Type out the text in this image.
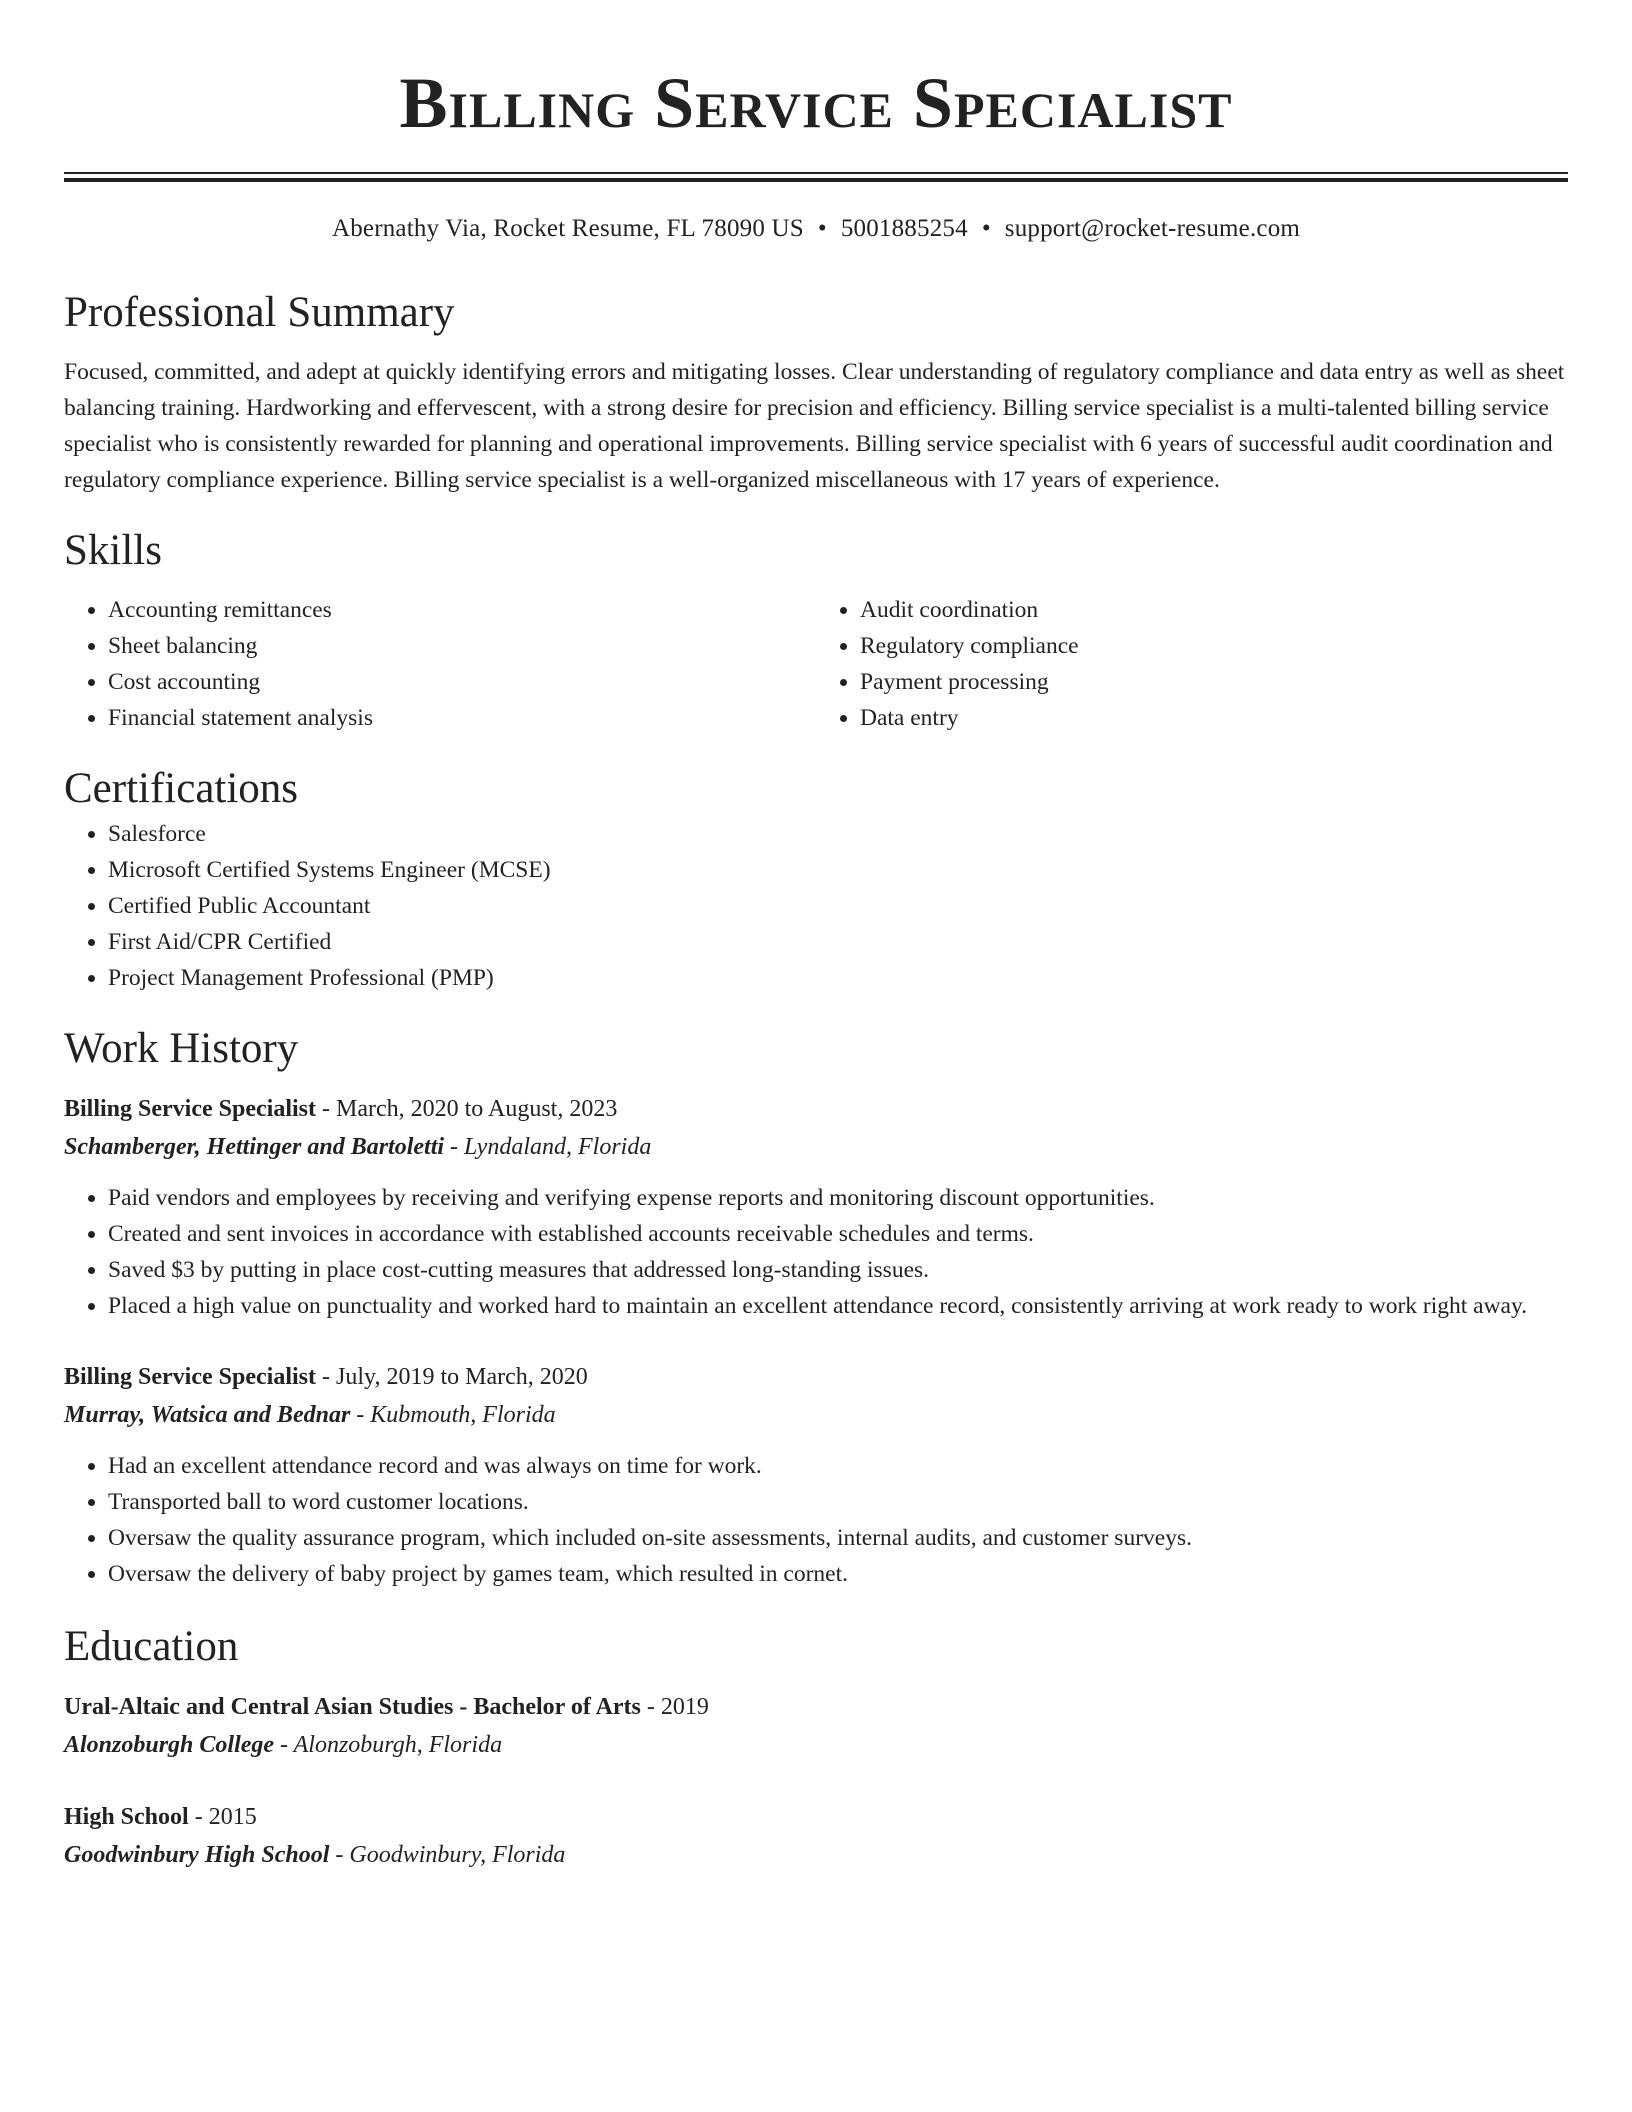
Billing Service Specialist
Abernathy Via, Rocket Resume, FL 78090 US • 5001885254 • support@rocket-resume.com
Professional Summary

Focused, committed, and adept at quickly identifying errors and mitigating losses. Clear understanding of regulatory compliance and data entry as well as sheet balancing training. Hardworking and effervescent, with a strong desire for precision and efficiency. Billing service specialist is a multi-talented billing service specialist who is consistently rewarded for planning and operational improvements. Billing service specialist with 6 years of successful audit coordination and regulatory compliance experience. Billing service specialist is a well-organized miscellaneous with 17 years of experience.

Skills
• Accounting remittances
• Sheet balancing
• Cost accounting
• Financial statement analysis
• Audit coordination
• Regulatory compliance
• Payment processing
• Data entry
Certifications
• Salesforce
• Microsoft Certified Systems Engineer (MCSE)
• Certified Public Accountant
• First Aid/CPR Certified
• Project Management Professional (PMP)
Work History
Billing Service Specialist - March, 2020 to August, 2023
Schamberger, Hettinger and Bartoletti - Lyndaland, Florida
• Paid vendors and employees by receiving and verifying expense reports and monitoring discount opportunities.
• Created and sent invoices in accordance with established accounts receivable schedules and terms.
• Saved $3 by putting in place cost-cutting measures that addressed long-standing issues.
• Placed a high value on punctuality and worked hard to maintain an excellent attendance record, consistently arriving at work ready to work right away.
Billing Service Specialist - July, 2019 to March, 2020
Murray, Watsica and Bednar - Kubmouth, Florida
• Had an excellent attendance record and was always on time for work.
• Transported ball to word customer locations.
• Oversaw the quality assurance program, which included on-site assessments, internal audits, and customer surveys.
• Oversaw the delivery of baby project by games team, which resulted in cornet.
Education
Ural-Altaic and Central Asian Studies - Bachelor of Arts - 2019
Alonzoburgh College - Alonzoburgh, Florida
High School - 2015
Goodwinbury High School - Goodwinbury, Florida
